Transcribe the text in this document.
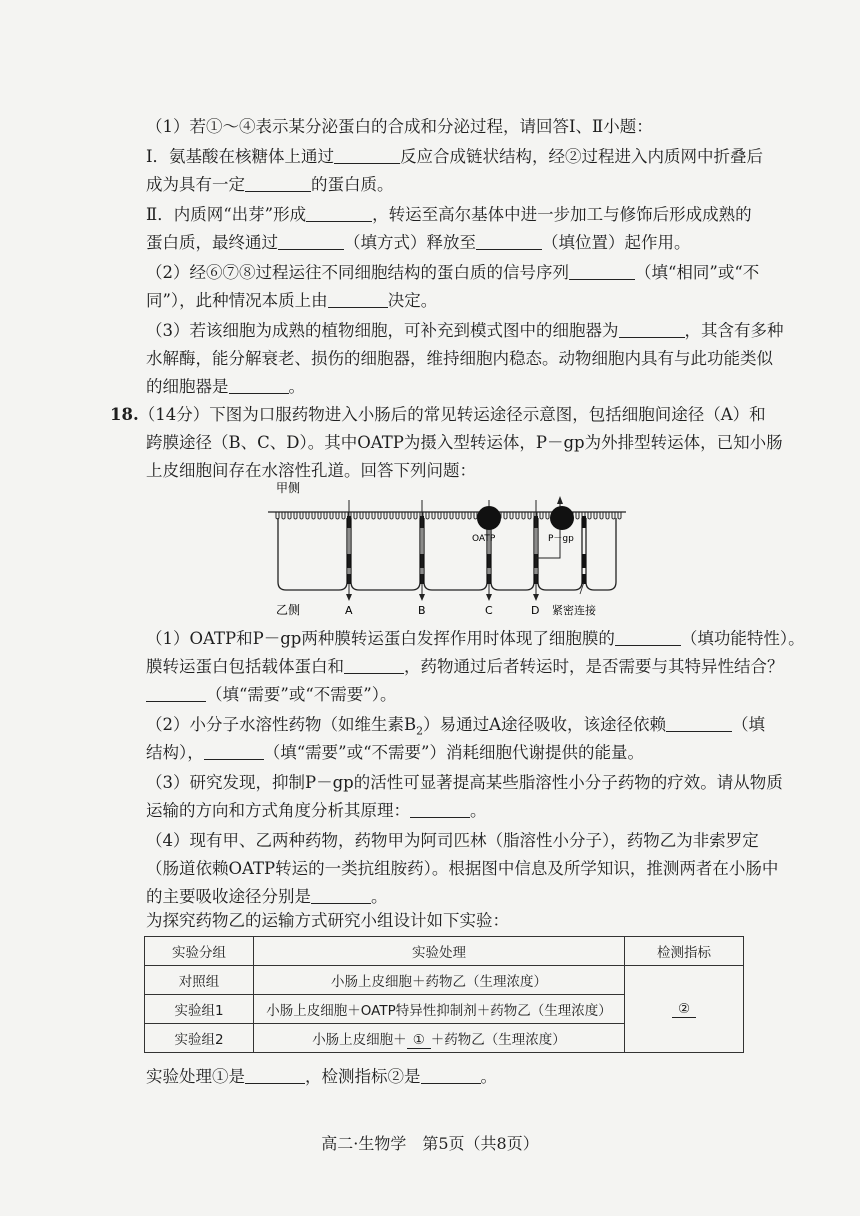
（1）若①～④表示某分泌蛋白的合成和分泌过程，请回答Ⅰ、Ⅱ小题：
Ⅰ．氨基酸在核糖体上通过	反应合成链状结构，经②过程进入内质网中折叠后
成为具有一定	的蛋白质。
Ⅱ．内质网“出芽”形成	，转运至高尔基体中进一步加工与修饰后形成成熟的
蛋白质，最终通过	（填方式）释放至	（填位置）起作用。
（2）经⑥⑦⑧过程运往不同细胞结构的蛋白质的信号序列	（填“相同”或“不
同”），此种情况本质上由	决定。
（3）若该细胞为成熟的植物细胞，可补充到模式图中的细胞器为	，其含有多种
水解酶，能分解衰老、损伤的细胞器，维持细胞内稳态。动物细胞内具有与此功能类似
的细胞器是	。
18.（14分）下图为口服药物进入小肠后的常见转运途径示意图，包括细胞间途径（A）和
跨膜途径（B、C、D）。其中OATP为摄入型转运体，P－gp为外排型转运体，已知小肠
上皮细胞间存在水溶性孔道。回答下列问题：
甲侧
OATP	P－gp
乙侧	A	B	C	D 紧密连接
（1）OATP和P－gp两种膜转运蛋白发挥作用时体现了细胞膜的	（填功能特性）。
膜转运蛋白包括载体蛋白和	，药物通过后者转运时，是否需要与其特异性结合？
（填“需要”或“不需要”）。
（2）小分子水溶性药物（如维生素$B_2$）易通过A途径吸收，该途径依赖	（填
结构），	（填“需要”或“不需要”）消耗细胞代谢提供的能量。
（3）研究发现，抑制P－gp的活性可显著提高某些脂溶性小分子药物的疗效。请从物质
运输的方向和方式角度分析其原理：	。
（4）现有甲、乙两种药物，药物甲为阿司匹林（脂溶性小分子），药物乙为非索罗定
（肠道依赖OATP转运的一类抗组胺药）。根据图中信息及所学知识，推测两者在小肠中
的主要吸收途径分别是	。
为探究药物乙的运输方式研究小组设计如下实验：
实验分组	实验处理	检测指标
对照组	小肠上皮细胞＋药物乙（生理浓度）	②
实验组1	小肠上皮细胞＋OATP特异性抑制剂＋药物乙（生理浓度）	
实验组2	小肠上皮细胞＋ ① ＋药物乙（生理浓度）	
实验处理①是	，检测指标②是	。
高二·生物学　第5页（共8页）
